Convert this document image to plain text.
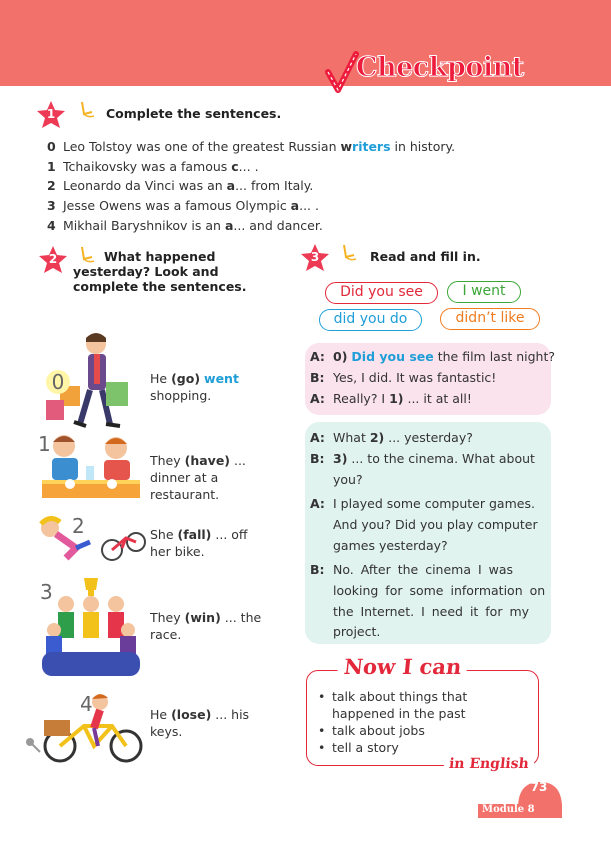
Checkpoint
1	Complete the sentences.
0 Leo Tolstoy was one of the greatest Russian writers in history.
1 Tchaikovsky was a famous c... .
2 Leonardo da Vinci was an a... from Italy.
3 Jesse Owens was a famous Olympic a... .
4 Mikhail Baryshnikov is an a... and dancer.
2	What happened
yesterday? Look and
complete the sentences.
0	He (go) went
shopping.
1
They (have) ...
dinner at a
restaurant.
2	She (fall) ... off
her bike.
3
They (win) ... the
race.
4	He (lose) ... his
keys.
3	Read and fill in.
Did you see	I went
did you do	didn’t like
A: 0) Did you see the film last night?
B: Yes, I did. It was fantastic!
A: Really? I 1) ... it at all!
A: What 2) ... yesterday?
B: 3) ... to the cinema. What about
you?
A: I played some computer games.
And you? Did you play computer
games yesterday?
B: No. After the cinema I was
looking for some information on
the Internet. I need it for my
project.
Now I can
• talk about things that
happened in the past
• talk about jobs
• tell a story
in English
73
Module 8
